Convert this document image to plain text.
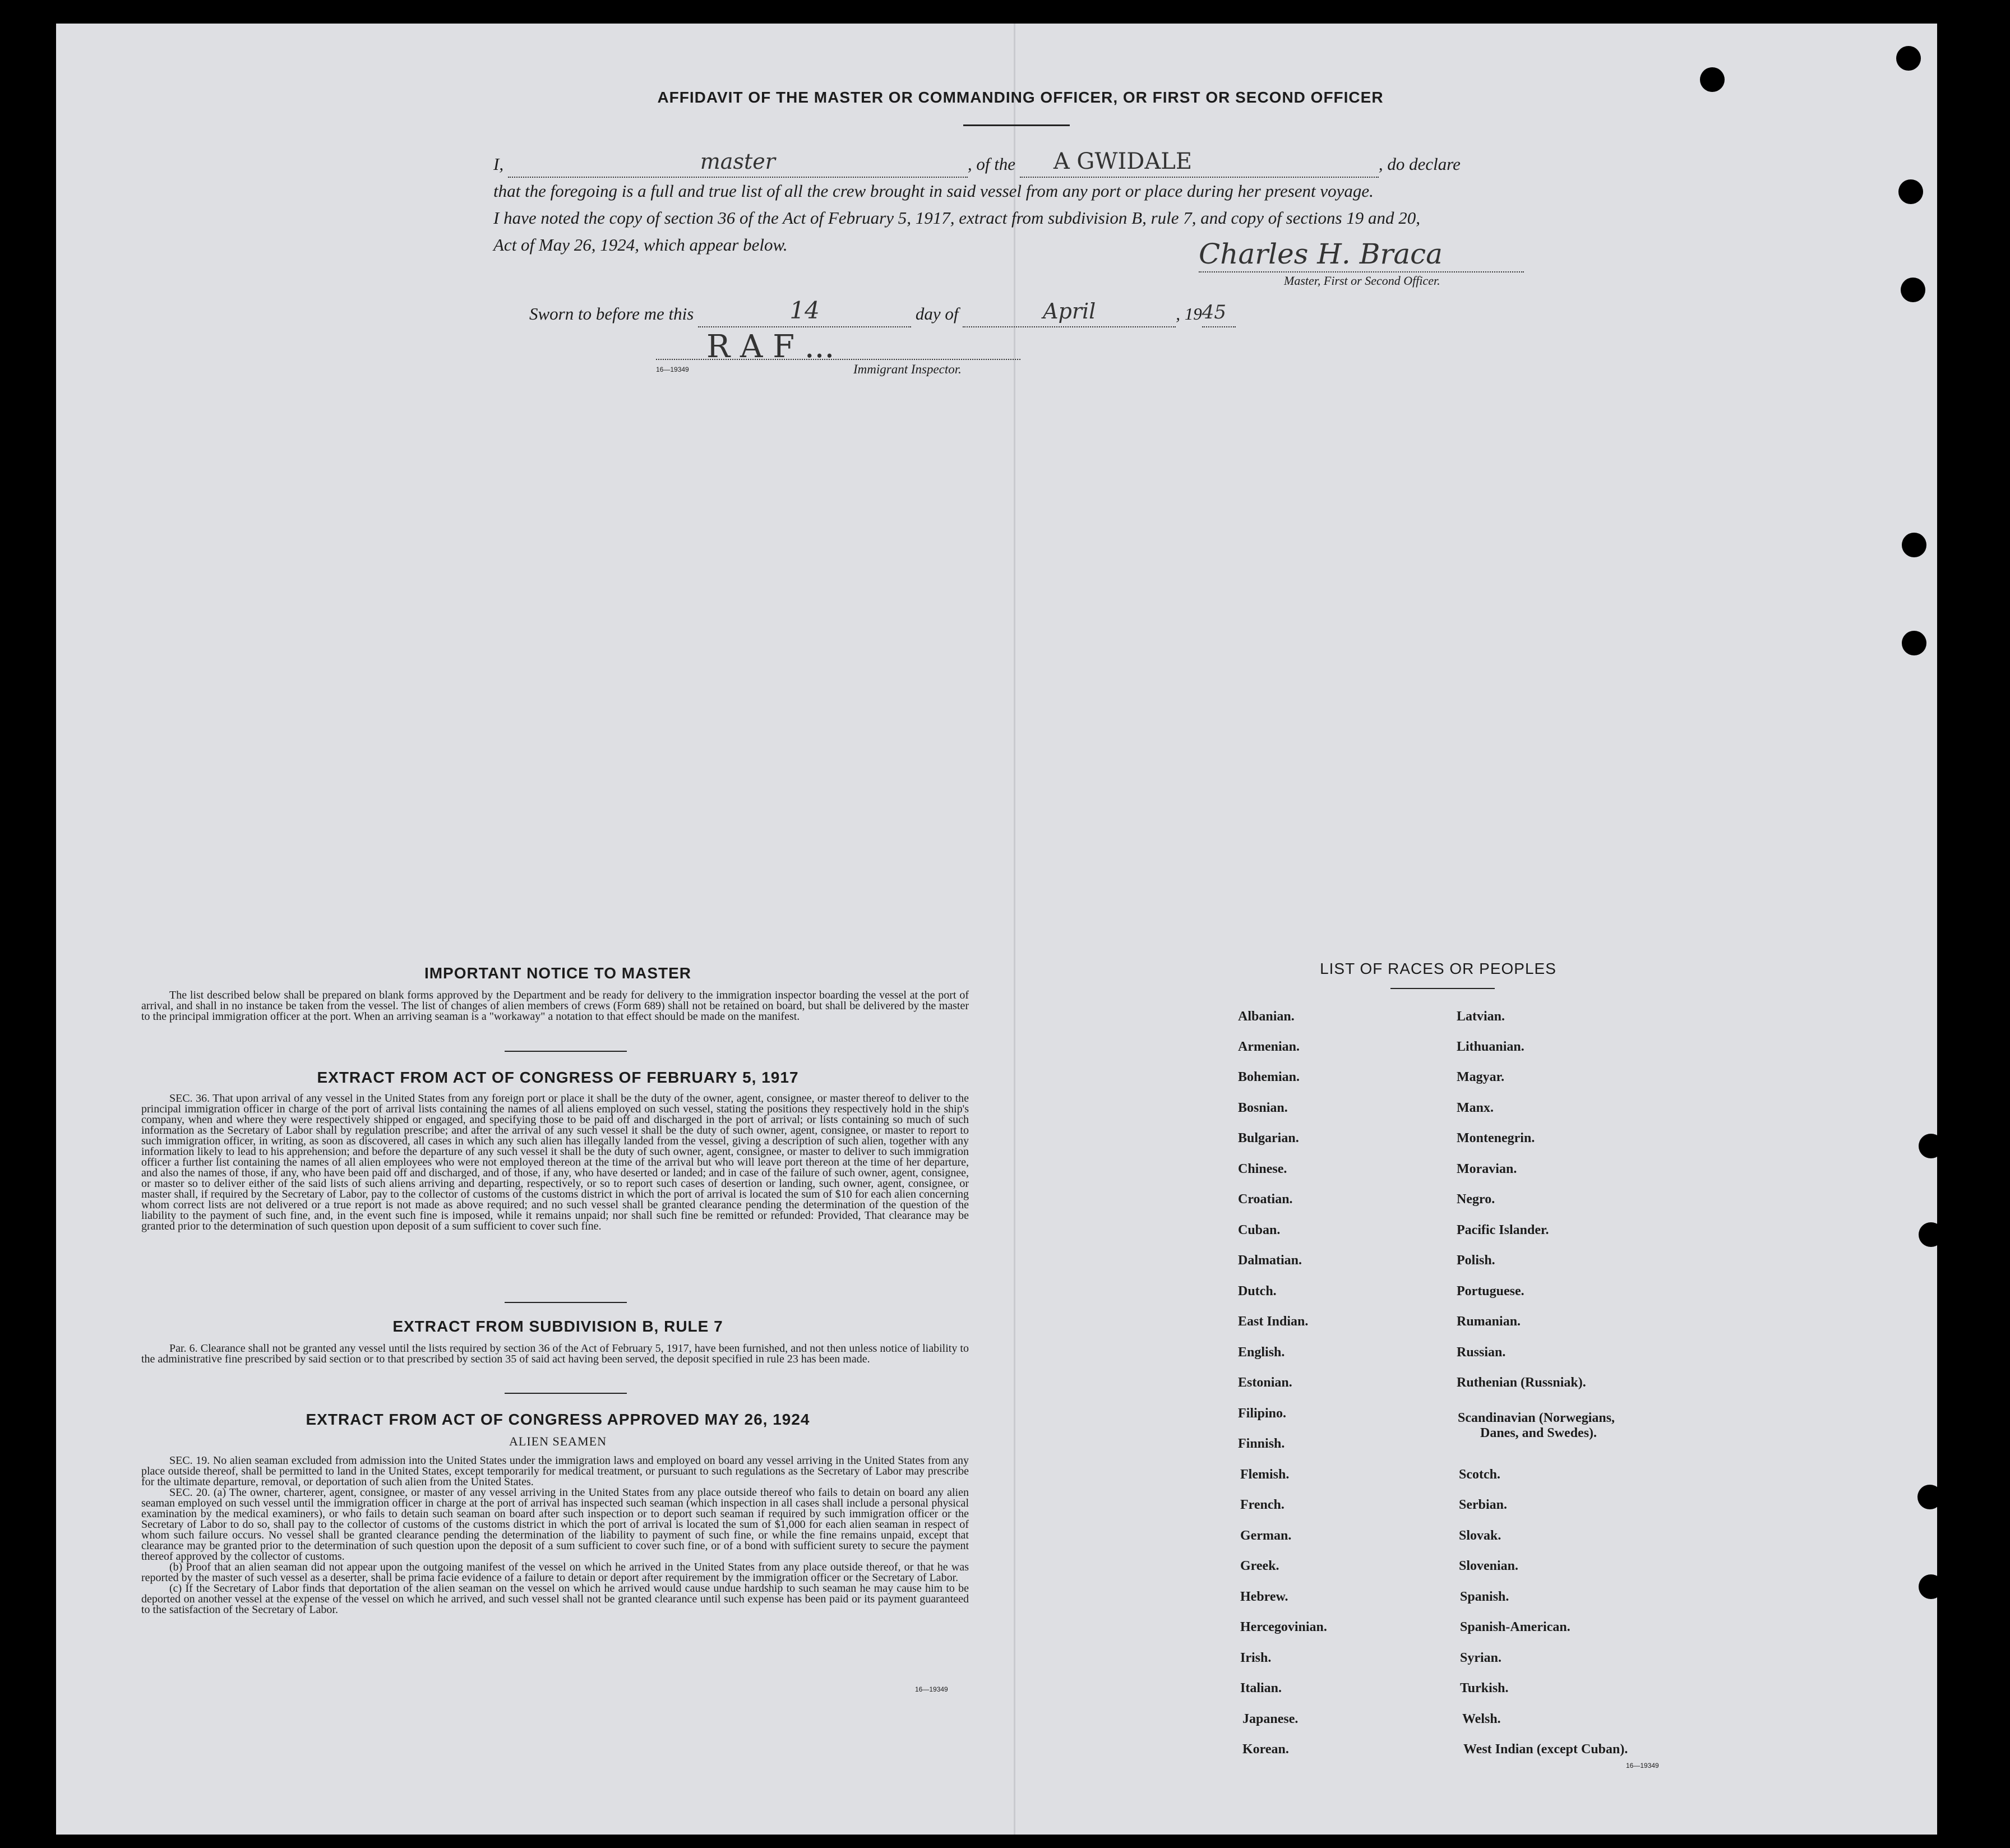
AFFIDAVIT OF THE MASTER OR COMMANDING OFFICER, OR FIRST OR SECOND OFFICER
I,	master	, of the A GWIDALE	, do declare
that the foregoing is a full and true list of all the crew brought in said vessel from any port or place during her present voyage.
I have noted the copy of section 36 of the Act of February 5, 1917, extract from subdivision B, rule 7, and copy of sections 19 and 20,
Act of May 26, 1924, which appear below.	Charles H. Braca
Master, First or Second Officer.
Sworn to before me this	14	day of	April	, 1945
R A F ...
16—19349	Immigrant Inspector.
IMPORTANT NOTICE TO MASTER
The list described below shall be prepared on blank forms approved by the Department and be ready for delivery to the immigration inspector boarding the vessel at the port of arrival, and shall in no instance be taken from the vessel. The list of changes of alien members of crews (Form 689) shall not be retained on board, but shall be delivered by the master to the principal immigration officer at the port. When an arriving seaman is a "workaway" a notation to that effect should be made on the manifest.
EXTRACT FROM ACT OF CONGRESS OF FEBRUARY 5, 1917
SEC. 36. That upon arrival of any vessel in the United States from any foreign port or place it shall be the duty of the owner, agent, consignee, or master thereof to deliver to the principal immigration officer in charge of the port of arrival lists containing the names of all aliens employed on such vessel, stating the positions they respectively hold in the ship's company, when and where they were respectively shipped or engaged, and specifying those to be paid off and discharged in the port of arrival; or lists containing so much of such information as the Secretary of Labor shall by regulation prescribe; and after the arrival of any such vessel it shall be the duty of such owner, agent, consignee, or master to report to such immigration officer, in writing, as soon as discovered, all cases in which any such alien has illegally landed from the vessel, giving a description of such alien, together with any information likely to lead to his apprehension; and before the departure of any such vessel it shall be the duty of such owner, agent, consignee, or master to deliver to such immigration officer a further list containing the names of all alien employees who were not employed thereon at the time of the arrival but who will leave port thereon at the time of her departure, and also the names of those, if any, who have been paid off and discharged, and of those, if any, who have deserted or landed; and in case of the failure of such owner, agent, consignee, or master so to deliver either of the said lists of such aliens arriving and departing, respectively, or so to report such cases of desertion or landing, such owner, agent, consignee, or master shall, if required by the Secretary of Labor, pay to the collector of customs of the customs district in which the port of arrival is located the sum of $10 for each alien concerning whom correct lists are not delivered or a true report is not made as above required; and no such vessel shall be granted clearance pending the determination of the question of the liability to the payment of such fine, and, in the event such fine is imposed, while it remains unpaid; nor shall such fine be remitted or refunded: Provided, That clearance may be granted prior to the determination of such question upon deposit of a sum sufficient to cover such fine.
EXTRACT FROM SUBDIVISION B, RULE 7
Par. 6. Clearance shall not be granted any vessel until the lists required by section 36 of the Act of February 5, 1917, have been furnished, and not then unless notice of liability to the administrative fine prescribed by said section or to that prescribed by section 35 of said act having been served, the deposit specified in rule 23 has been made.
EXTRACT FROM ACT OF CONGRESS APPROVED MAY 26, 1924
ALIEN SEAMEN
SEC. 19. No alien seaman excluded from admission into the United States under the immigration laws and employed on board any vessel arriving in the United States from any place outside thereof, shall be permitted to land in the United States, except temporarily for medical treatment, or pursuant to such regulations as the Secretary of Labor may prescribe for the ultimate departure, removal, or deportation of such alien from the United States.
SEC. 20. (a) The owner, charterer, agent, consignee, or master of any vessel arriving in the United States from any place outside thereof who fails to detain on board any alien seaman employed on such vessel until the immigration officer in charge at the port of arrival has inspected such seaman (which inspection in all cases shall include a personal physical examination by the medical examiners), or who fails to detain such seaman on board after such inspection or to deport such seaman if required by such immigration officer or the Secretary of Labor to do so, shall pay to the collector of customs of the customs district in which the port of arrival is located the sum of $1,000 for each alien seaman in respect of whom such failure occurs. No vessel shall be granted clearance pending the determination of the liability to payment of such fine, or while the fine remains unpaid, except that clearance may be granted prior to the determination of such question upon the deposit of a sum sufficient to cover such fine, or of a bond with sufficient surety to secure the payment thereof approved by the collector of customs.
(b) Proof that an alien seaman did not appear upon the outgoing manifest of the vessel on which he arrived in the United States from any place outside thereof, or that he was reported by the master of such vessel as a deserter, shall be prima facie evidence of a failure to detain or deport after requirement by the immigration officer or the Secretary of Labor.
(c) If the Secretary of Labor finds that deportation of the alien seaman on the vessel on which he arrived would cause undue hardship to such seaman he may cause him to be deported on another vessel at the expense of the vessel on which he arrived, and such vessel shall not be granted clearance until such expense has been paid or its payment guaranteed to the satisfaction of the Secretary of Labor.
16—19349
LIST OF RACES OR PEOPLES
Albanian.
Armenian.
Bohemian.
Bosnian.
Bulgarian.
Chinese.
Croatian.
Cuban.
Dalmatian.
Dutch.
East Indian.
English.
Estonian.
Filipino.
Finnish.
Flemish.
French.
German.
Greek.
Hebrew.
Hercegovinian.
Irish.
Italian.
Japanese.
Korean.
Latvian.
Lithuanian.
Magyar.
Manx.
Montenegrin.
Moravian.
Negro.
Pacific Islander.
Polish.
Portuguese.
Rumanian.
Russian.
Ruthenian (Russniak).
Scandinavian (Norwegians,
Danes, and Swedes).
Scotch.
Serbian.
Slovak.
Slovenian.
Spanish.
Spanish-American.
Syrian.
Turkish.
Welsh.
West Indian (except Cuban).
16—19349
